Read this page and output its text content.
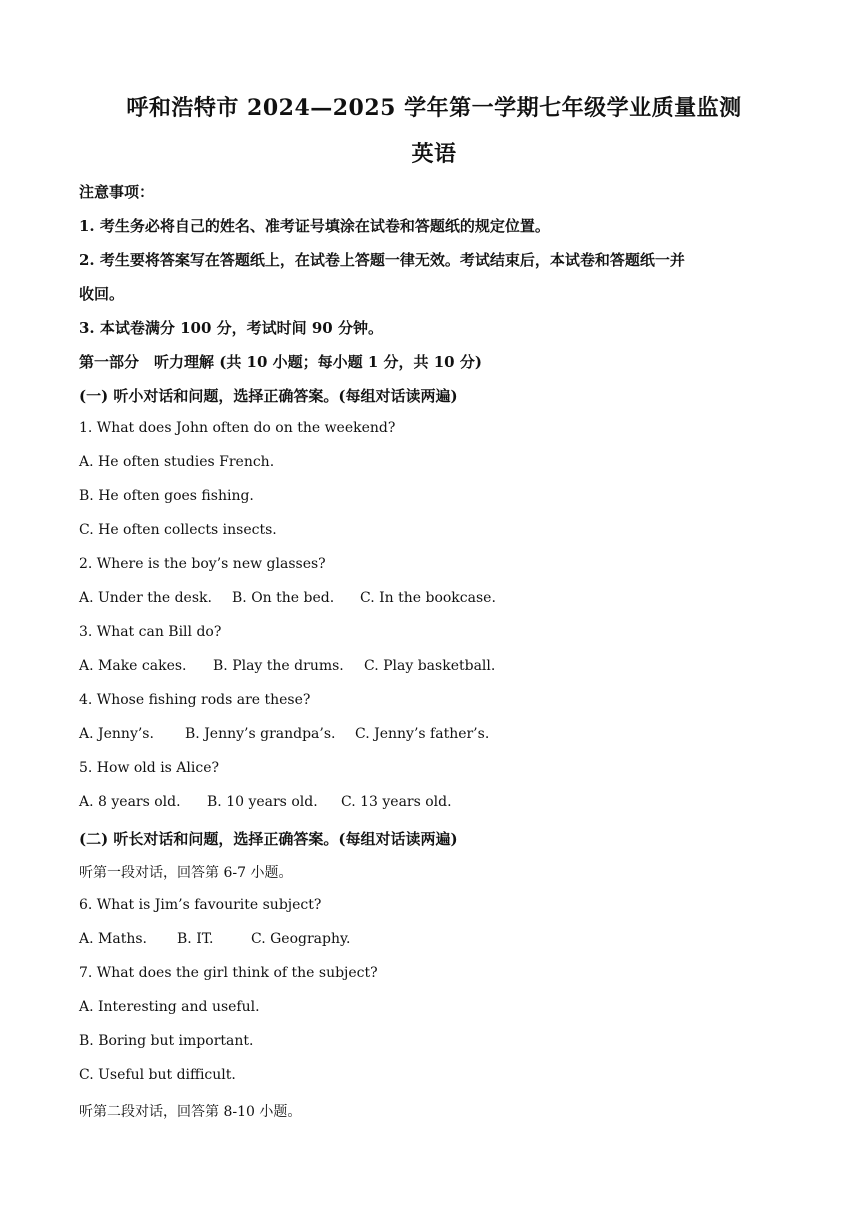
呼和浩特市 2024—2025 学年第一学期七年级学业质量监测
英语
注意事项：
1. 考生务必将自己的姓名、准考证号填涂在试卷和答题纸的规定位置。
2. 考生要将答案写在答题纸上，在试卷上答题一律无效。考试结束后，本试卷和答题纸一并
收回。
3. 本试卷满分 100 分，考试时间 90 分钟。
第一部分　听力理解 (共 10 小题；每小题 1 分，共 10 分)
(一) 听小对话和问题，选择正确答案。(每组对话读两遍)
1. What does John often do on the weekend?
A. He often studies French.
B. He often goes fishing.
C. He often collects insects.
2. Where is the boy’s new glasses?
A. Under the desk.	B. On the bed.	C. In the bookcase.
3. What can Bill do?
A. Make cakes.	B. Play the drums.	C. Play basketball.
4. Whose fishing rods are these?
A. Jenny’s.	B. Jenny’s grandpa’s.	C. Jenny’s father’s.
5. How old is Alice?
A. 8 years old.	B. 10 years old.	C. 13 years old.
(二) 听长对话和问题，选择正确答案。(每组对话读两遍)
听第一段对话，回答第 6-7 小题。
6. What is Jim’s favourite subject?
A. Maths.	B. IT.	C. Geography.
7. What does the girl think of the subject?
A. Interesting and useful.
B. Boring but important.
C. Useful but difficult.
听第二段对话，回答第 8-10 小题。
